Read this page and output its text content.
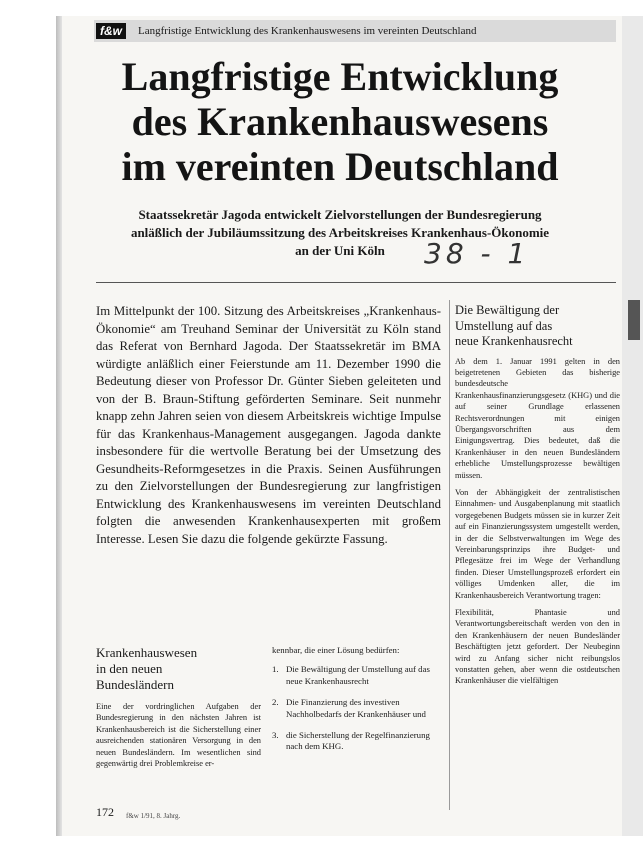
f&w	Langfristige Entwicklung des Krankenhauswesens im vereinten Deutschland
Langfristige Entwicklung
des Krankenhauswesens
im vereinten Deutschland
Staatssekretär Jagoda entwickelt Zielvorstellungen der Bundesregierung
anläßlich der Jubiläumssitzung des Arbeitskreises Krankenhaus-Ökonomie
an der Uni Köln	38 - 1

Im Mittelpunkt der 100. Sitzung des Arbeitskreises „Krankenhaus-Ökonomie“ am Treuhand Seminar der Universität zu Köln stand das Referat von Bernhard Jagoda. Der Staatssekretär im BMA würdigte anläßlich einer Feierstunde am 11. Dezember 1990 die Bedeutung dieser von Professor Dr. Günter Sieben geleiteten und von der B. Braun-Stiftung geförderten Seminare. Seit nunmehr knapp zehn Jahren seien von diesem Arbeitskreis wichtige Impulse für das Krankenhaus-Management ausgegangen. Jagoda dankte insbesondere für die wertvolle Beratung bei der Umsetzung des Gesundheits-Reformgesetzes in die Praxis. Seinen Ausführungen zu den Zielvorstellungen der Bundesregierung zur langfristigen Entwicklung des Krankenhauswesens im vereinten Deutschland folgten die anwesenden Krankenhausexperten mit großem Interesse. Lesen Sie dazu die folgende gekürzte Fassung.

Krankenhauswesen
in den neuen
Bundesländern

Eine der vordringlichen Aufgaben der Bundesregierung in den nächsten Jahren ist Krankenhausbereich ist die Sicherstellung einer ausreichenden stationären Versorgung in den neuen Bundesländern. Im wesentlichen sind gegenwärtig drei Problemkreise er-

kennbar, die einer Lösung bedürfen:

1. Die Bewältigung der Umstellung auf das neue Krankenhausrecht
2. Die Finanzierung des investiven Nachholbedarfs der Krankenhäuser und
3. die Sicherstellung der Regelfinanzierung nach dem KHG.
Die Bewältigung der
Umstellung auf das
neue Krankenhausrecht

Ab dem 1. Januar 1991 gelten in den beigetretenen Gebieten das bisherige bundesdeutsche Krankenhausfinanzierungsgesetz (KHG) und die auf seiner Grundlage erlassenen Rechtsverordnungen mit einigen Übergangsvorschriften aus dem Einigungsvertrag. Dies bedeutet, daß die Krankenhäuser in den neuen Bundesländern erhebliche Umstellungsprozesse bewältigen müssen.

Von der Abhängigkeit der zentralistischen Einnahmen- und Ausgabenplanung mit staatlich vorgegebenen Budgets müssen sie in kurzer Zeit auf ein Finanzierungssystem umgestellt werden, in der die Selbstverwaltungen im Wege des Vereinbarungsprinzips ihre Budget- und Pflegesätze frei im Wege der Verhandlung finden. Dieser Umstellungsprozeß erfordert ein völliges Umdenken aller, die im Krankenhausbereich Verantwortung tragen:

Flexibilität, Phantasie und Verantwortungsbereitschaft werden von den in den Krankenhäusern der neuen Bundesländer Beschäftigten jetzt gefordert. Der Neubeginn wird zu Anfang sicher nicht reibungslos vonstatten gehen, aber wenn die ostdeutschen Krankenhäuser die vielfältigen

172 f&w 1/91, 8. Jahrg.
